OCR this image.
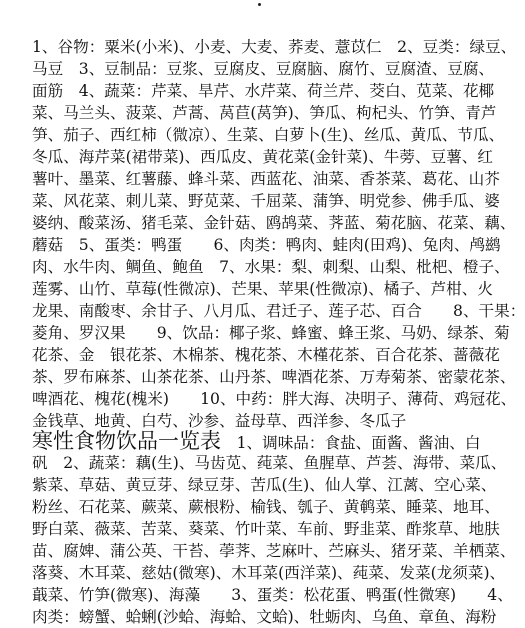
1、谷物：粟米(小米)、小麦、大麦、荞麦、薏苡仁　2、豆类：绿豆、
马豆　3、豆制品：豆浆、豆腐皮、豆腐脑、腐竹、豆腐渣、豆腐、
面筋　4、蔬菜：芹菜、旱芹、水芹菜、荷兰芹、茭白、苋菜、花椰
菜、马兰头、菠菜、芦蒿、莴苣(莴笋)、笋瓜、枸杞头、竹笋、青芦
笋、茄子、西红柿（微凉）、生菜、白萝卜(生)、丝瓜、黄瓜、节瓜、
冬瓜、海芹菜(裙带菜)、西瓜皮、黄花菜(金针菜)、牛蒡、豆薯、红
薯叶、墨菜、红薯藤、蜂斗菜、西蓝花、油菜、香茶菜、葛花、山芥
菜、风花菜、刺儿菜、野苋菜、千屈菜、蒲笋、明党参、佛手瓜、婆
婆纳、酸菜汤、猪毛菜、金针菇、鸥鸪菜、荠蓝、菊花脑、花菜、藕、
蘑菇　5、蛋类：鸭蛋　　6、肉类：鸭肉、蛙肉(田鸡)、兔肉、鸬鹚
肉、水牛肉、鲷鱼、鲍鱼　7、水果：梨、刺梨、山梨、枇杷、橙子、
莲雾、山竹、草莓(性微凉)、芒果、苹果(性微凉)、橘子、芦柑、火
龙果、南酸枣、余甘子、八月瓜、君迁子、莲子芯、百合　　8、干果：
菱角、罗汉果　　9、饮品：椰子浆、蜂蜜、蜂王浆、马奶、绿茶、菊
花茶、金　银花茶、木棉茶、槐花茶、木槿花茶、百合花茶、蔷薇花
茶、罗布麻茶、山茶花茶、山丹茶、啤酒花茶、万寿菊茶、密蒙花茶、
啤酒花、槐花(槐米)　　10、中药：胖大海、决明子、薄荷、鸡冠花、
金钱草、地黄、白芍、沙参、益母草、西洋参、冬瓜子
寒性食物饮品一览表　1、调味品：食盐、面酱、酱油、白
矾　2、蔬菜：藕(生)、马齿苋、莼菜、鱼腥草、芦荟、海带、菜瓜、
紫菜、草菇、黄豆芽、绿豆芽、苦瓜(生)、仙人掌、江蓠、空心菜、
粉丝、石花菜、蕨菜、蕨根粉、榆钱、瓠子、黄鹌菜、睡菜、地耳、
野白菜、薇菜、苦菜、葵菜、竹叶菜、车前、野韭菜、酢浆草、地肤
苗、腐婢、蒲公英、干苔、荸荠、芝麻叶、苎麻头、猪牙菜、羊栖菜、
落葵、木耳菜、慈姑(微寒)、木耳菜(西洋菜)、莼菜、发菜(龙须菜)、
蕺菜、竹笋(微寒)、海藻　　3、蛋类：松花蛋、鸭蛋(性微寒)　　4、
肉类：螃蟹、蛤蜊(沙蛤、海蛤、文蛤)、牡蛎肉、乌鱼、章鱼、海粉
